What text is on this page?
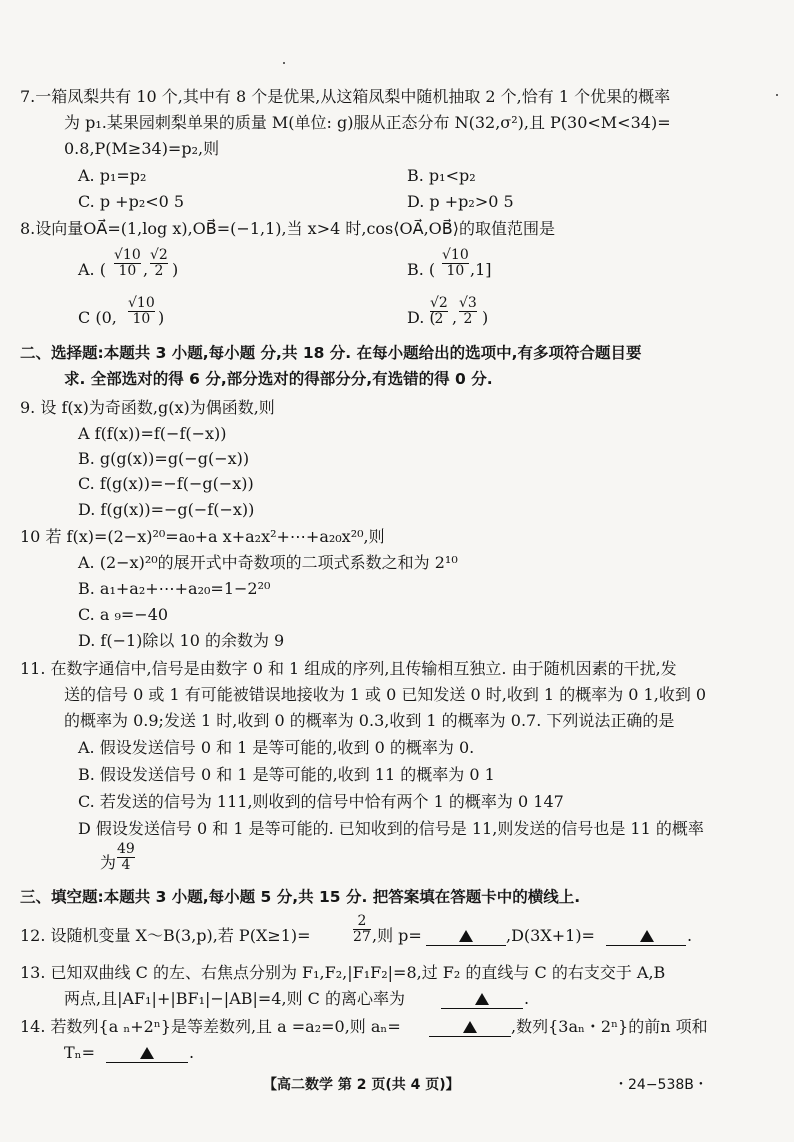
7.一箱凤梨共有 10 个,其中有 8 个是优果,从这箱凤梨中随机抽取 2 个,恰有 1 个优果的概率
为 p₁.某果园刺梨单果的质量 M(单位: g)服从正态分布 N(32,σ²),且 P(30<M<34)=
0.8,P(M≥34)=p₂,则
A. p₁=p₂	B. p₁<p₂
C. p +p₂<0 5	D. p +p₂>0 5
8.设向量OA⃗=(1,log x),OB⃗=(−1,1),当 x>4 时,cos⟨OA⃗,OB⃗⟩的取值范围是
A. (
√10
10 ,
√2
2 )	B. (
√10
10 ,1]
C (0,
√10
10 )	D. (
√2
2 ,
√3
2 )
二、选择题:本题共 3 小题,每小题 分,共 18 分. 在每小题给出的选项中,有多项符合题目要
求. 全部选对的得 6 分,部分选对的得部分分,有选错的得 0 分.
9. 设 f(x)为奇函数,g(x)为偶函数,则
A f(f(x))=f(−f(−x))
B. g(g(x))=g(−g(−x))
C. f(g(x))=−f(−g(−x))
D. f(g(x))=−g(−f(−x))
10 若 f(x)=(2−x)²⁰=a₀+a x+a₂x²+⋯+a₂₀x²⁰,则
A. (2−x)²⁰的展开式中奇数项的二项式系数之和为 2¹⁰
B. a₁+a₂+⋯+a₂₀=1−2²⁰
C. a ₉=−40
D. f(−1)除以 10 的余数为 9
11. 在数字通信中,信号是由数字 0 和 1 组成的序列,且传输相互独立. 由于随机因素的干扰,发
送的信号 0 或 1 有可能被错误地接收为 1 或 0 已知发送 0 时,收到 1 的概率为 0 1,收到 0
的概率为 0.9;发送 1 时,收到 0 的概率为 0.3,收到 1 的概率为 0.7. 下列说法正确的是
A. 假设发送信号 0 和 1 是等可能的,收到 0 的概率为 0.
B. 假设发送信号 0 和 1 是等可能的,收到 11 的概率为 0 1
C. 若发送的信号为 111,则收到的信号中恰有两个 1 的概率为 0 147
D 假设发送信号 0 和 1 是等可能的. 已知收到的信号是 11,则发送的信号也是 11 的概率
为
49
4
三、填空题:本题共 3 小题,每小题 5 分,共 15 分. 把答案填在答题卡中的横线上.
12. 设随机变量 X～B(3,p),若 P(X≥1)=
2
27 ,则 p=	,D(3X+1)=	.
13. 已知双曲线 C 的左、右焦点分别为 F₁,F₂,|F₁F₂|=8,过 F₂ 的直线与 C 的右支交于 A,B
两点,且|AF₁|+|BF₁|−|AB|=4,则 C 的离心率为	.
14. 若数列{a ₙ+2ⁿ}是等差数列,且 a =a₂=0,则 aₙ=	,数列{3aₙ・2ⁿ}的前n 项和
Tₙ=	.
【高二数学 第 2 页(共 4 页)】	・24−538B・
